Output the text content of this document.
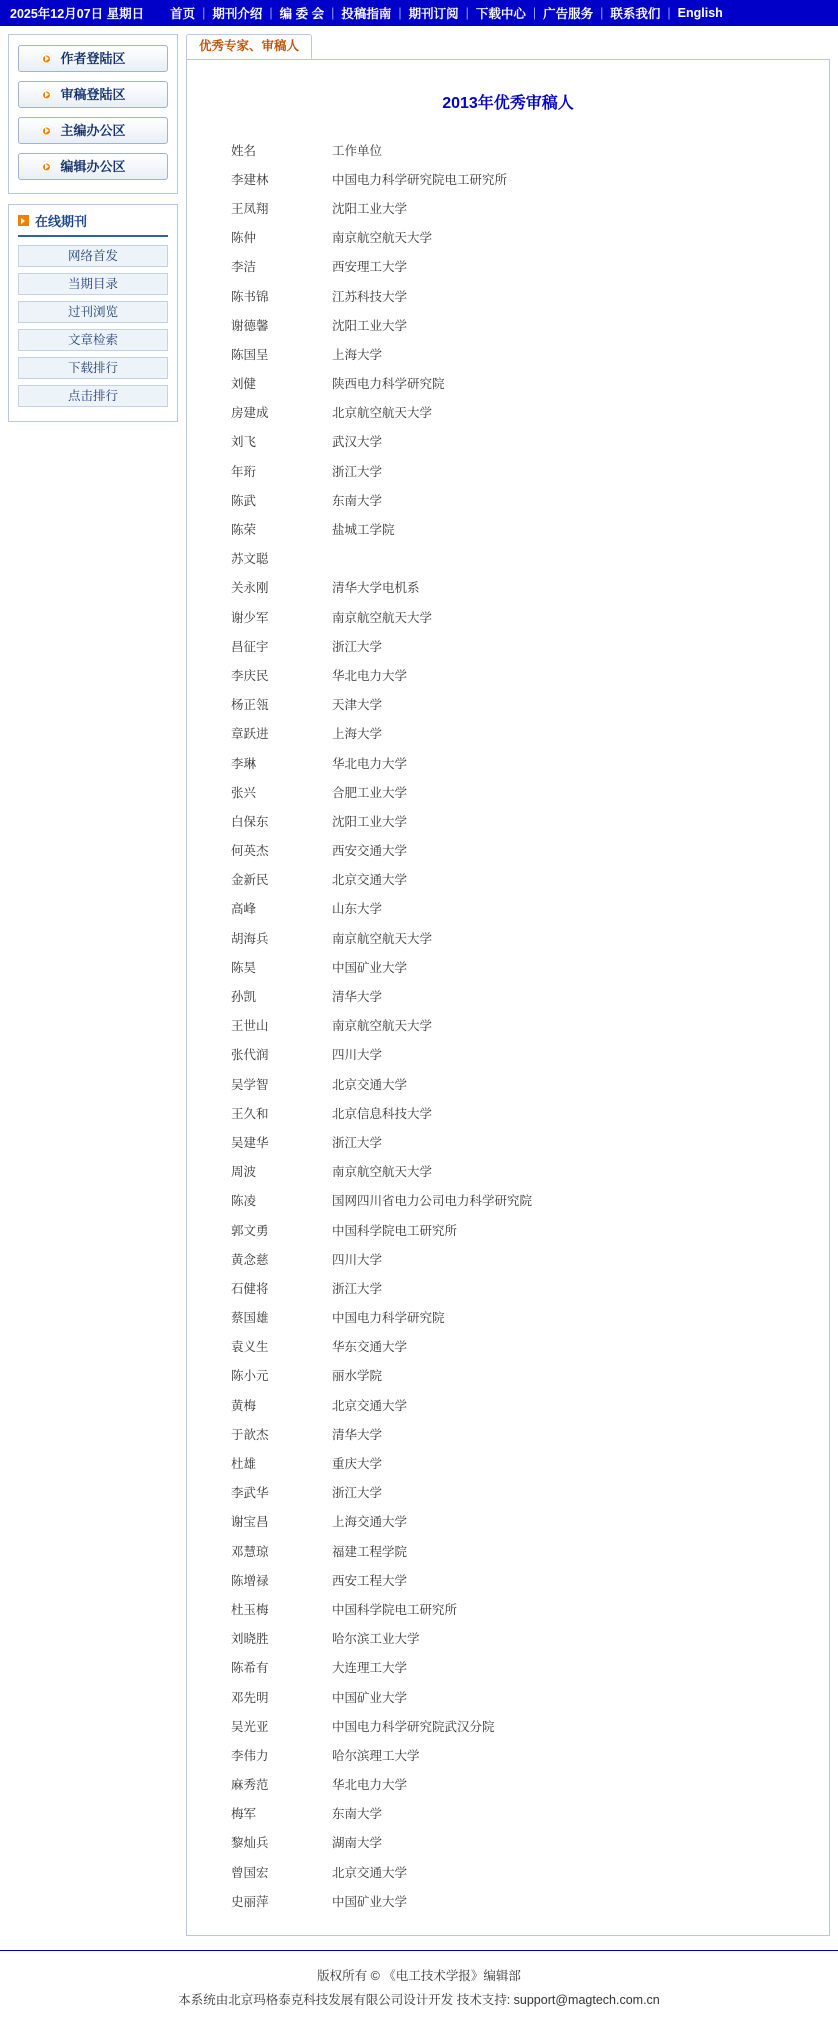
2025年12月07日 星期日	首页 | 期刊介绍 | 编 委 会 | 投稿指南 | 期刊订阅 | 下载中心 | 广告服务 | 联系我们 | English
作者登陆区
审稿登陆区
主编办公区
编辑办公区
在线期刊
网络首发
当期目录
过刊浏览
文章检索
下载排行
点击排行
优秀专家、审稿人
2013年优秀审稿人
姓名	工作单位
李建林	中国电力科学研究院电工研究所
王凤翔	沈阳工业大学
陈仲	南京航空航天大学
李洁	西安理工大学
陈书锦	江苏科技大学
谢德馨	沈阳工业大学
陈国呈	上海大学
刘健	陕西电力科学研究院
房建成	北京航空航天大学
刘飞	武汉大学
年珩	浙江大学
陈武	东南大学
陈荣	盐城工学院
苏文聪	
关永刚	清华大学电机系
谢少军	南京航空航天大学
昌征宇	浙江大学
李庆民	华北电力大学
杨正瓴	天津大学
章跃进	上海大学
李琳	华北电力大学
张兴	合肥工业大学
白保东	沈阳工业大学
何英杰	西安交通大学
金新民	北京交通大学
高峰	山东大学
胡海兵	南京航空航天大学
陈昊	中国矿业大学
孙凯	清华大学
王世山	南京航空航天大学
张代润	四川大学
吴学智	北京交通大学
王久和	北京信息科技大学
吴建华	浙江大学
周波	南京航空航天大学
陈凌	国网四川省电力公司电力科学研究院
郭文勇	中国科学院电工研究所
黄念慈	四川大学
石健将	浙江大学
蔡国雄	中国电力科学研究院
袁义生	华东交通大学
陈小元	丽水学院
黄梅	北京交通大学
于歆杰	清华大学
杜雄	重庆大学
李武华	浙江大学
谢宝昌	上海交通大学
邓慧琼	福建工程学院
陈增禄	西安工程大学
杜玉梅	中国科学院电工研究所
刘晓胜	哈尔滨工业大学
陈希有	大连理工大学
邓先明	中国矿业大学
吴光亚	中国电力科学研究院武汉分院
李伟力	哈尔滨理工大学
麻秀范	华北电力大学
梅军	东南大学
黎灿兵	湖南大学
曾国宏	北京交通大学
史丽萍	中国矿业大学
版权所有 © 《电工技术学报》编辑部
本系统由北京玛格泰克科技发展有限公司设计开发 技术支持: support@magtech.com.cn
